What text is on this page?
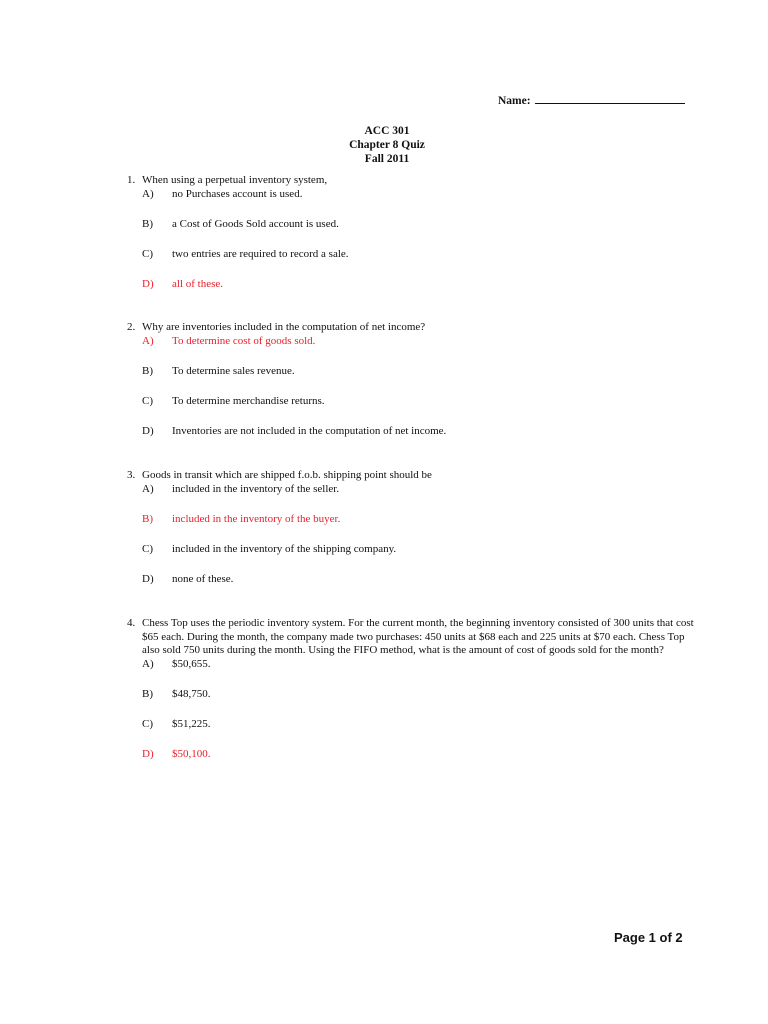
Name:
ACC 301
Chapter 8 Quiz
Fall 2011
1. When using a perpetual inventory system,
A)	no Purchases account is used.
B)	a Cost of Goods Sold account is used.
C)	two entries are required to record a sale.
D)	all of these.
2. Why are inventories included in the computation of net income?
A)	To determine cost of goods sold.
B)	To determine sales revenue.
C)	To determine merchandise returns.
D)	Inventories are not included in the computation of net income.
3. Goods in transit which are shipped f.o.b. shipping point should be
A)	included in the inventory of the seller.
B)	included in the inventory of the buyer.
C)	included in the inventory of the shipping company.
D)	none of these.
4. Chess Top uses the periodic inventory system. For the current month, the beginning inventory consisted of 300 units that cost $65 each. During the month, the company made two purchases: 450 units at $68 each and 225 units at $70 each. Chess Top also sold 750 units during the month. Using the FIFO method, what is the amount of cost of goods sold for the month?
A)	$50,655.
B)	$48,750.
C)	$51,225.
D)	$50,100.
Page 1 of 2
